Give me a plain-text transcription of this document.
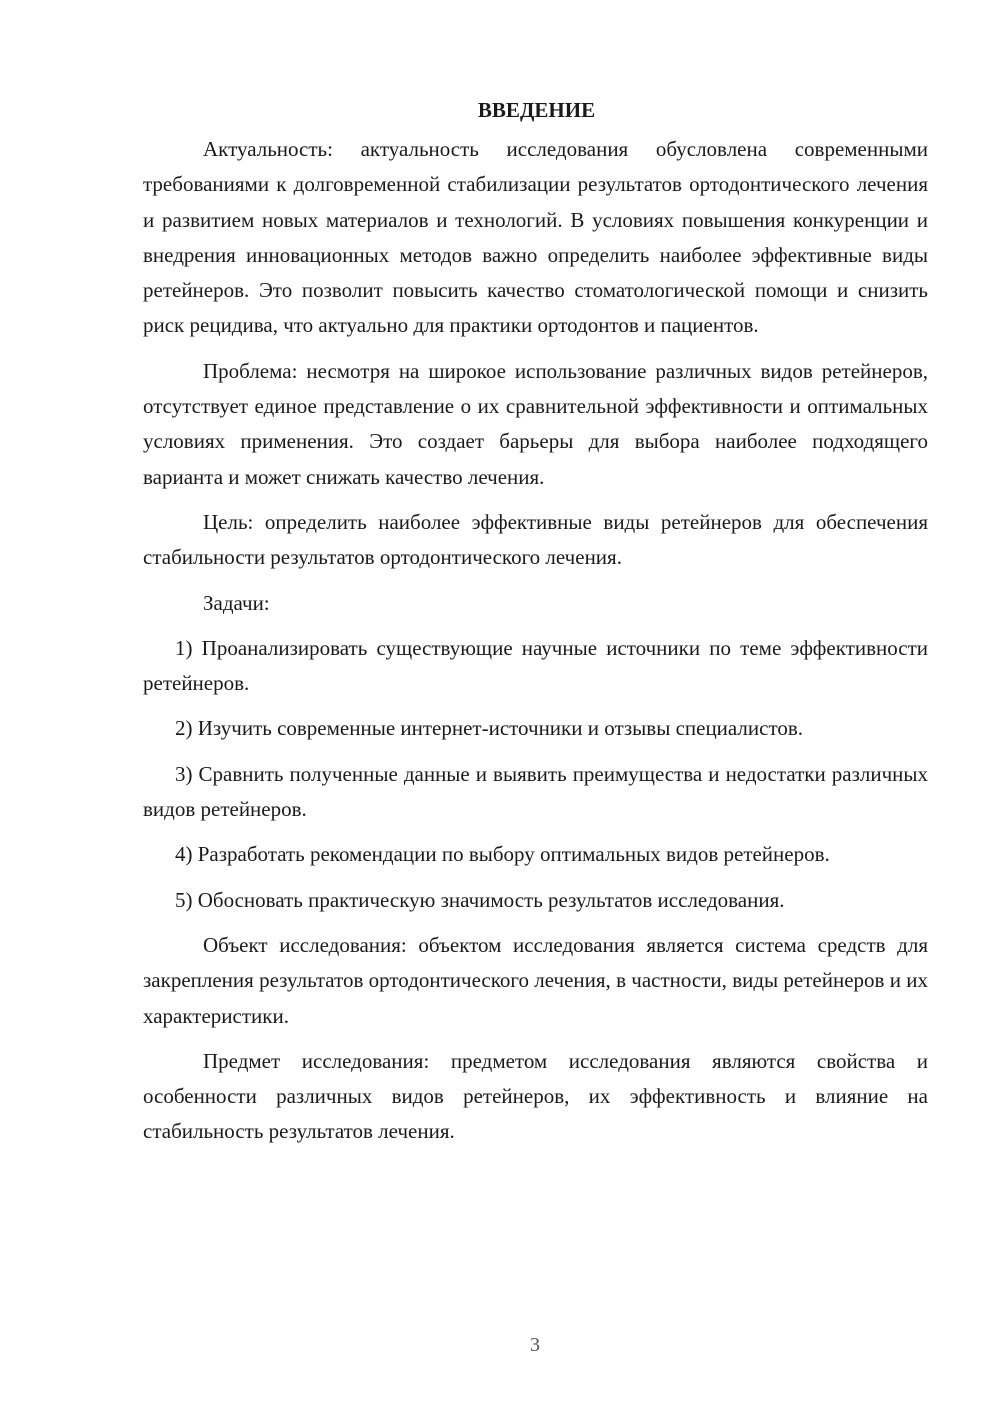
ВВЕДЕНИЕ

Актуальность: актуальность исследования обусловлена современными требованиями к долговременной стабилизации результатов ортодонтического лечения и развитием новых материалов и технологий. В условиях повышения конкуренции и внедрения инновационных методов важно определить наиболее эффективные виды ретейнеров. Это позволит повысить качество стоматологической помощи и снизить риск рецидива, что актуально для практики ортодонтов и пациентов.

Проблема: несмотря на широкое использование различных видов ретейнеров, отсутствует единое представление о их сравнительной эффективности и оптимальных условиях применения. Это создает барьеры для выбора наиболее подходящего варианта и может снижать качество лечения.

Цель: определить наиболее эффективные виды ретейнеров для обеспечения стабильности результатов ортодонтического лечения.

Задачи:

1) Проанализировать существующие научные источники по теме эффективности ретейнеров.

2) Изучить современные интернет-источники и отзывы специалистов.

3) Сравнить полученные данные и выявить преимущества и недостатки различных видов ретейнеров.

4) Разработать рекомендации по выбору оптимальных видов ретейнеров.

5) Обосновать практическую значимость результатов исследования.

Объект исследования: объектом исследования является система средств для закрепления результатов ортодонтического лечения, в частности, виды ретейнеров и их характеристики.

Предмет исследования: предметом исследования являются свойства и особенности различных видов ретейнеров, их эффективность и влияние на стабильность результатов лечения.

3
